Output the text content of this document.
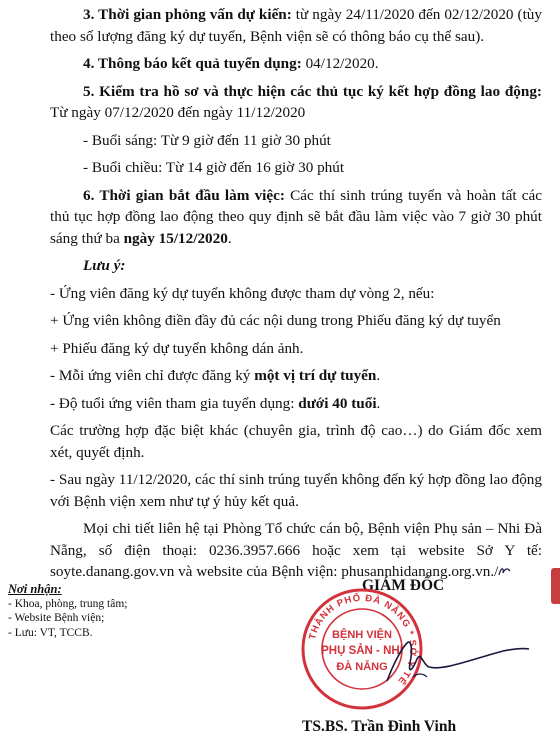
3. Thời gian phỏng vấn dự kiến: từ ngày 24/11/2020 đến 02/12/2020 (tùy theo số lượng đăng ký dự tuyển, Bệnh viện sẽ có thông báo cụ thể sau).

4. Thông báo kết quả tuyển dụng: 04/12/2020.

5. Kiểm tra hồ sơ và thực hiện các thủ tục ký kết hợp đồng lao động: Từ ngày 07/12/2020 đến ngày 11/12/2020

- Buổi sáng: Từ 9 giờ đến 11 giờ 30 phút

- Buổi chiều: Từ 14 giờ đến 16 giờ 30 phút

6. Thời gian bắt đầu làm việc: Các thí sinh trúng tuyển và hoàn tất các thủ tục hợp đồng lao động theo quy định sẽ bắt đầu làm việc vào 7 giờ 30 phút sáng thứ ba ngày 15/12/2020.

Lưu ý:

- Ứng viên đăng ký dự tuyển không được tham dự vòng 2, nếu:

+ Ứng viên không điền đầy đủ các nội dung trong Phiếu đăng ký dự tuyển

+ Phiếu đăng ký dự tuyển không dán ảnh.

- Mỗi ứng viên chỉ được đăng ký một vị trí dự tuyển.

- Độ tuổi ứng viên tham gia tuyển dụng: dưới 40 tuổi.

Các trường hợp đặc biệt khác (chuyên gia, trình độ cao…) do Giám đốc xem xét, quyết định.

- Sau ngày 11/12/2020, các thí sinh trúng tuyển không đến ký hợp đồng lao động với Bệnh viện xem như tự ý hủy kết quả.

Mọi chi tiết liên hệ tại Phòng Tổ chức cán bộ, Bệnh viện Phụ sản – Nhi Đà Nẵng, số điện thoại: 0236.3957.666 hoặc xem tại website Sở Y tế: soyte.danang.gov.vn và website của Bệnh viện: phusannhidanang.org.vn./

Nơi nhận:
- Khoa, phòng, trung tâm;
- Website Bệnh viện;
- Lưu: VT, TCCB.
GIÁM ĐỐC
THÀNH PHỐ ĐÀ NẴNG * SỞ Y TẾ
BỆNH VIỆN
PHỤ SẢN - NHI
ĐÀ NẴNG
TS.BS. Trần Đình Vinh
